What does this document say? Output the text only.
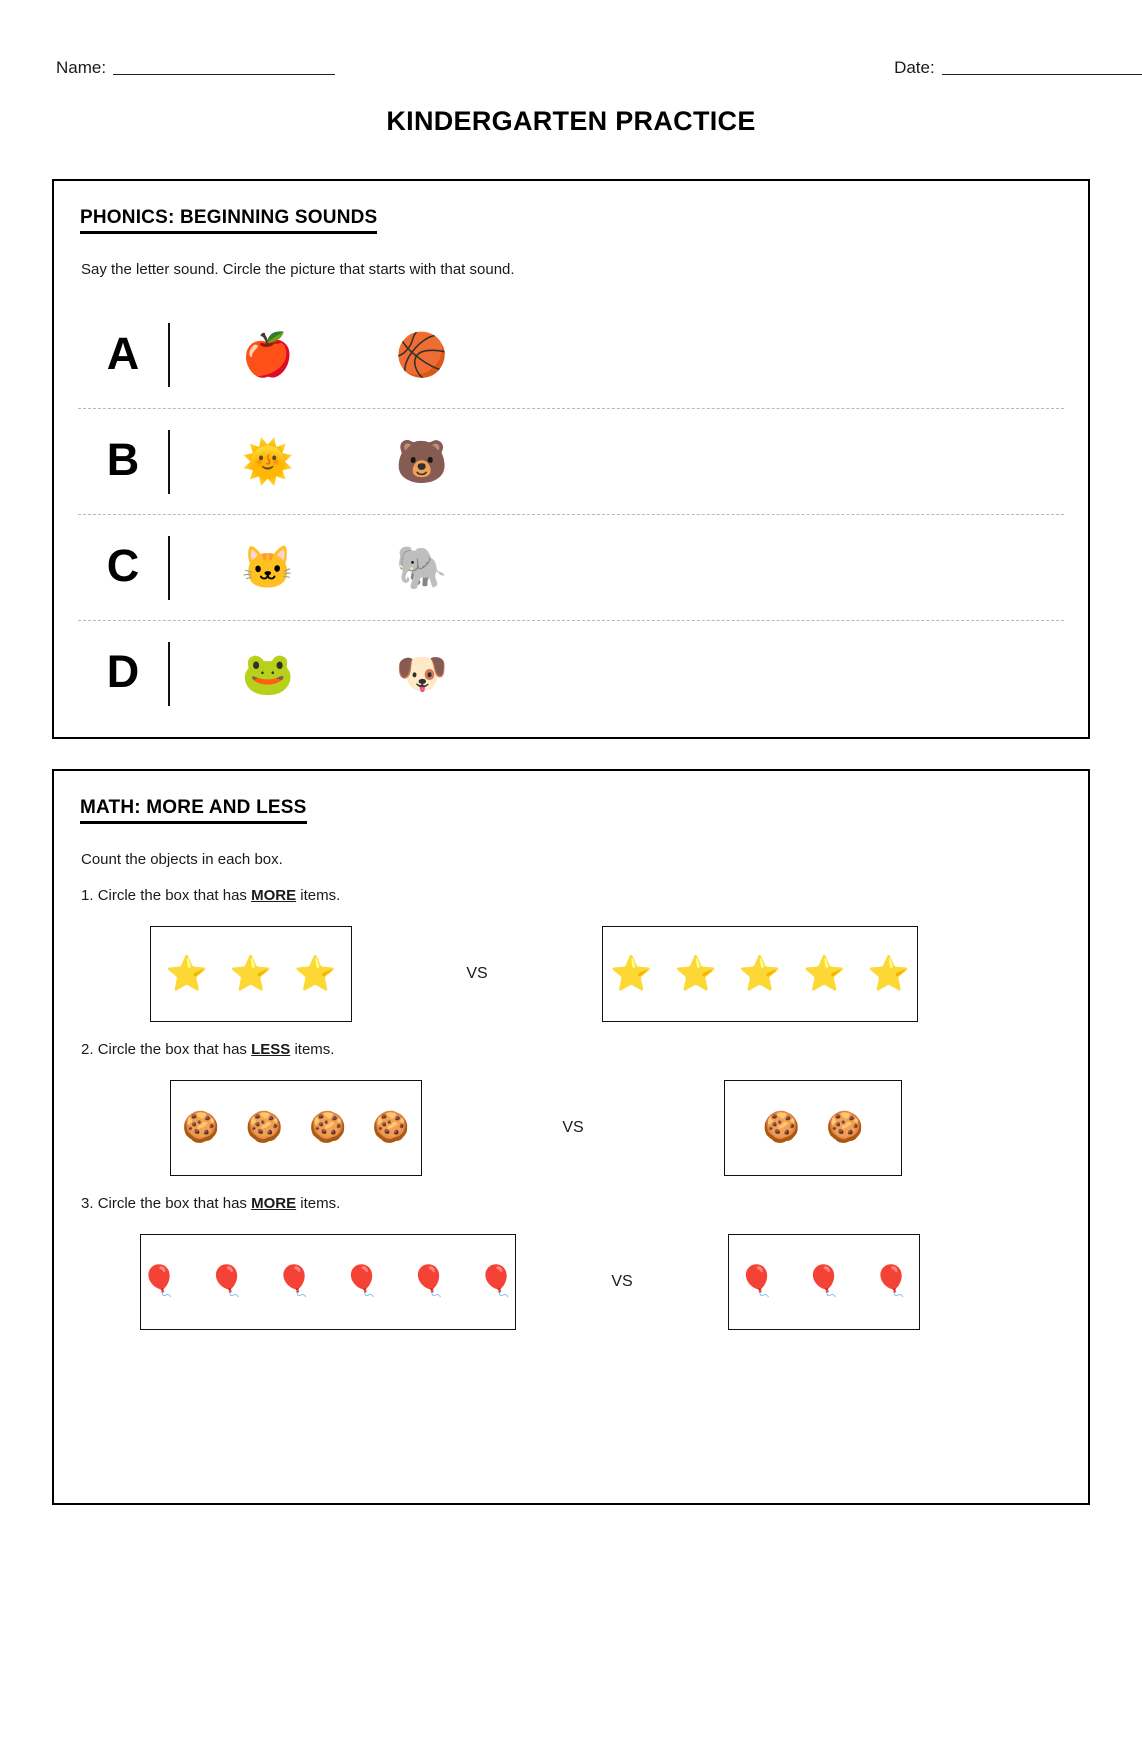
Name:	Date:
KINDERGARTEN PRACTICE
PHONICS: BEGINNING SOUNDS
Say the letter sound. Circle the picture that starts with that sound.
A	🍎	🏀
B	🌞	🐻
C	🐱	🐘
D	🐸	🐶
MATH: MORE AND LESS
Count the objects in each box.
1. Circle the box that has MORE items.
⭐ ⭐ ⭐	VS	⭐ ⭐ ⭐ ⭐ ⭐
2. Circle the box that has LESS items.
🍪 🍪 🍪 🍪	VS	🍪 🍪
3. Circle the box that has MORE items.
🎈 🎈 🎈 🎈 🎈 🎈	VS	🎈 🎈 🎈
